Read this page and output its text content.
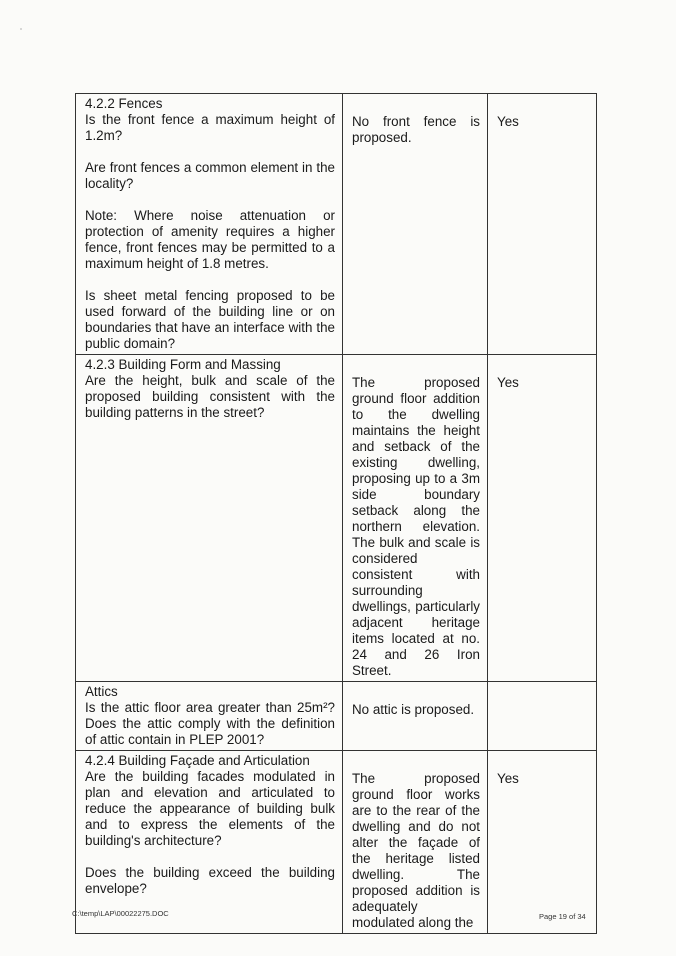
4.2.2 Fences

Is the front fence a maximum height of 1.2m?

Are front fences a common element in the locality?

Note: Where noise attenuation or protection of amenity requires a higher fence, front fences may be permitted to a maximum height of 1.8 metres.

Is sheet metal fencing proposed to be used forward of the building line or on boundaries that have an interface with the public domain?	No front fence is proposed.	Yes

4.2.3 Building Form and Massing

Are the height, bulk and scale of the proposed building consistent with the building patterns in the street?	The proposed ground floor addition to the dwelling maintains the height and setback of the existing dwelling, proposing up to a 3m side boundary setback along the northern elevation. The bulk and scale is considered consistent with surrounding dwellings, particularly adjacent heritage items located at no. 24 and 26 Iron Street.	Yes

Attics

Is the attic floor area greater than 25m²? Does the attic comply with the definition of attic contain in PLEP 2001?	No attic is proposed.	

4.2.4 Building Façade and Articulation

Are the building facades modulated in plan and elevation and articulated to reduce the appearance of building bulk and to express the elements of the building's architecture?

Does the building exceed the building envelope?	The proposed ground floor works are to the rear of the dwelling and do not alter the façade of the heritage listed dwelling. The proposed addition is adequately modulated along the	Yes

C:\temp\LAP\00022275.DOC	Page 19 of 34
